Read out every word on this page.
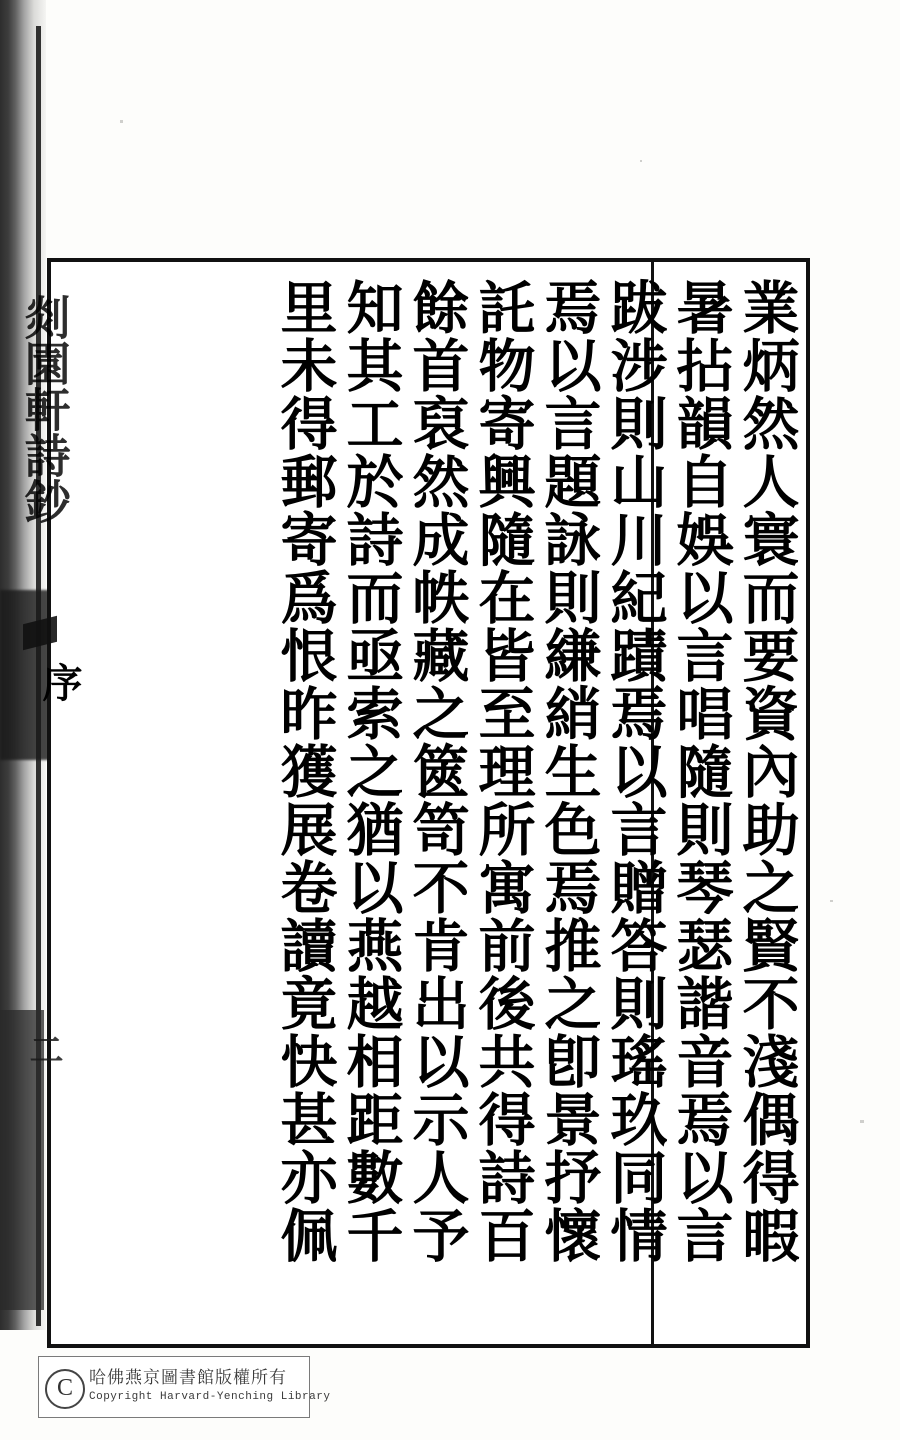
剡園軒詩鈔
序
二	業炳然人寰而要資內助之賢不淺偶得暇
暑拈韻自娛以言唱隨則琴瑟諧音焉以言
跋涉則山川紀蹟焉以言贈答則瑤玖同情
焉以言題詠則縑綃生色焉推之卽景抒懷
託物寄興隨在皆至理所寓前後共得詩百
餘首裒然成帙藏之篋笥不肯出以示人予
知其工於詩而亟索之猶以燕越相距數千
里未得郵寄爲恨昨獲展卷讀竟快甚亦佩
C 哈佛燕京圖書館版權所有
Copyright Harvard-Yenching Library
